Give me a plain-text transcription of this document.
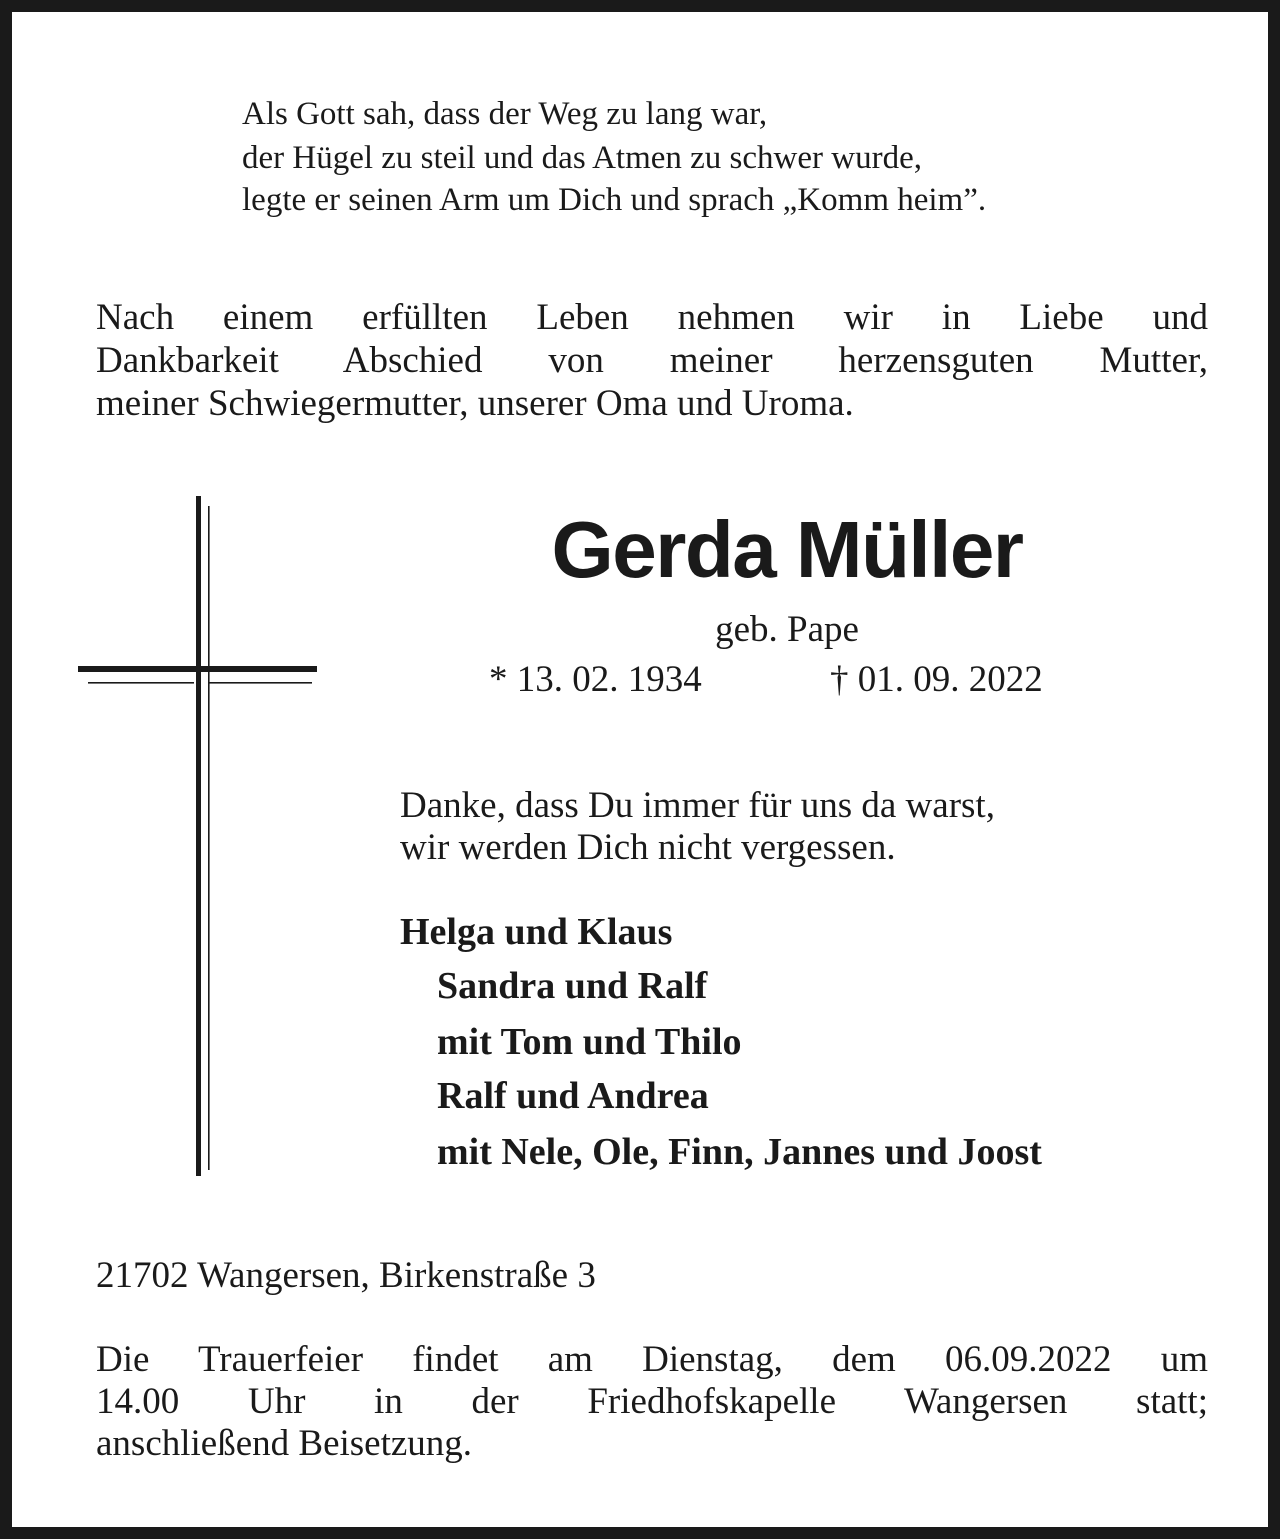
Als Gott sah, dass der Weg zu lang war,

der Hügel zu steil und das Atmen zu schwer wurde,

legte er seinen Arm um Dich und sprach „Komm heim”.

Nach einem erfüllten Leben nehmen wir in Liebe und

Dankbarkeit Abschied von meiner herzensguten Mutter,

meiner Schwiegermutter, unserer Oma und Uroma.

Gerda Müller

geb. Pape

* 13. 02. 1934	† 01. 09. 2022

Danke, dass Du immer für uns da warst,

wir werden Dich nicht vergessen.

Helga und Klaus

Sandra und Ralf

mit Tom und Thilo

Ralf und Andrea

mit Nele, Ole, Finn, Jannes und Joost

21702 Wangersen, Birkenstraße 3

Die Trauerfeier findet am Dienstag, dem 06.09.2022 um

14.00 Uhr in der Friedhofskapelle Wangersen statt;

anschließend Beisetzung.
